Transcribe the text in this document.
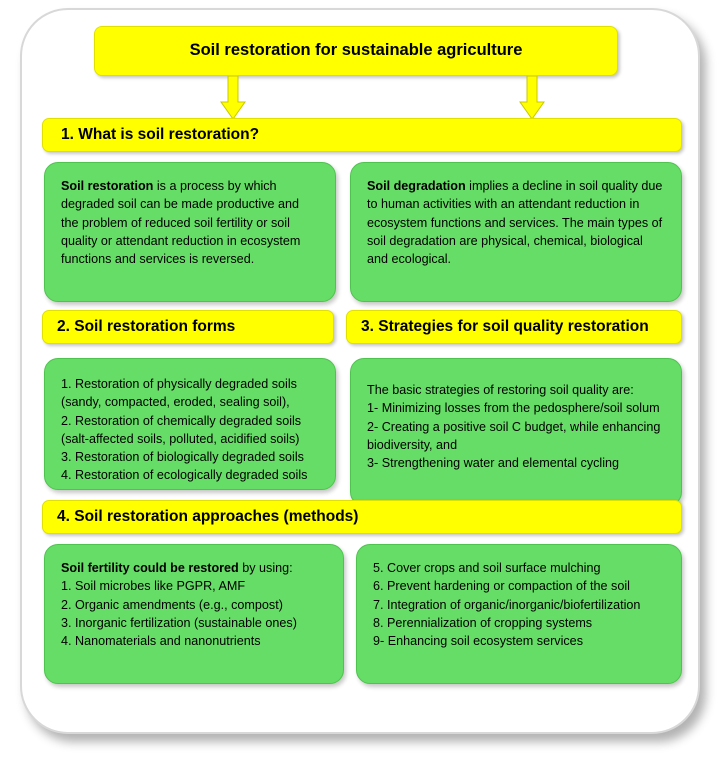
Soil restoration for sustainable agriculture
1. What is soil restoration?
Soil restoration is a process by which degraded soil can be made productive and the problem of reduced soil fertility or soil quality or attendant reduction in ecosystem functions and services is reversed.
Soil degradation implies a decline in soil quality due to human activities with an attendant reduction in ecosystem functions and services. The main types of soil degradation are physical, chemical, biological and ecological.
2. Soil restoration forms
1. Restoration of physically degraded soils (sandy, compacted, eroded, sealing soil),
2. Restoration of chemically degraded soils (salt-affected soils, polluted, acidified soils)
3. Restoration of biologically degraded soils
4. Restoration of ecologically degraded soils
3. Strategies for soil quality restoration
The basic strategies of restoring soil quality are:
1- Minimizing losses from the pedosphere/soil solum
2- Creating a positive soil C budget, while enhancing biodiversity, and
3- Strengthening water and elemental cycling
4. Soil restoration approaches (methods)
Soil fertility could be restored by using:
1. Soil microbes like PGPR, AMF
2. Organic amendments (e.g., compost)
3. Inorganic fertilization (sustainable ones)
4. Nanomaterials and nanonutrients
5. Cover crops and soil surface mulching
6. Prevent hardening or compaction of the soil
7. Integration of organic/inorganic/biofertilization
8. Perennialization of cropping systems
9- Enhancing soil ecosystem services
